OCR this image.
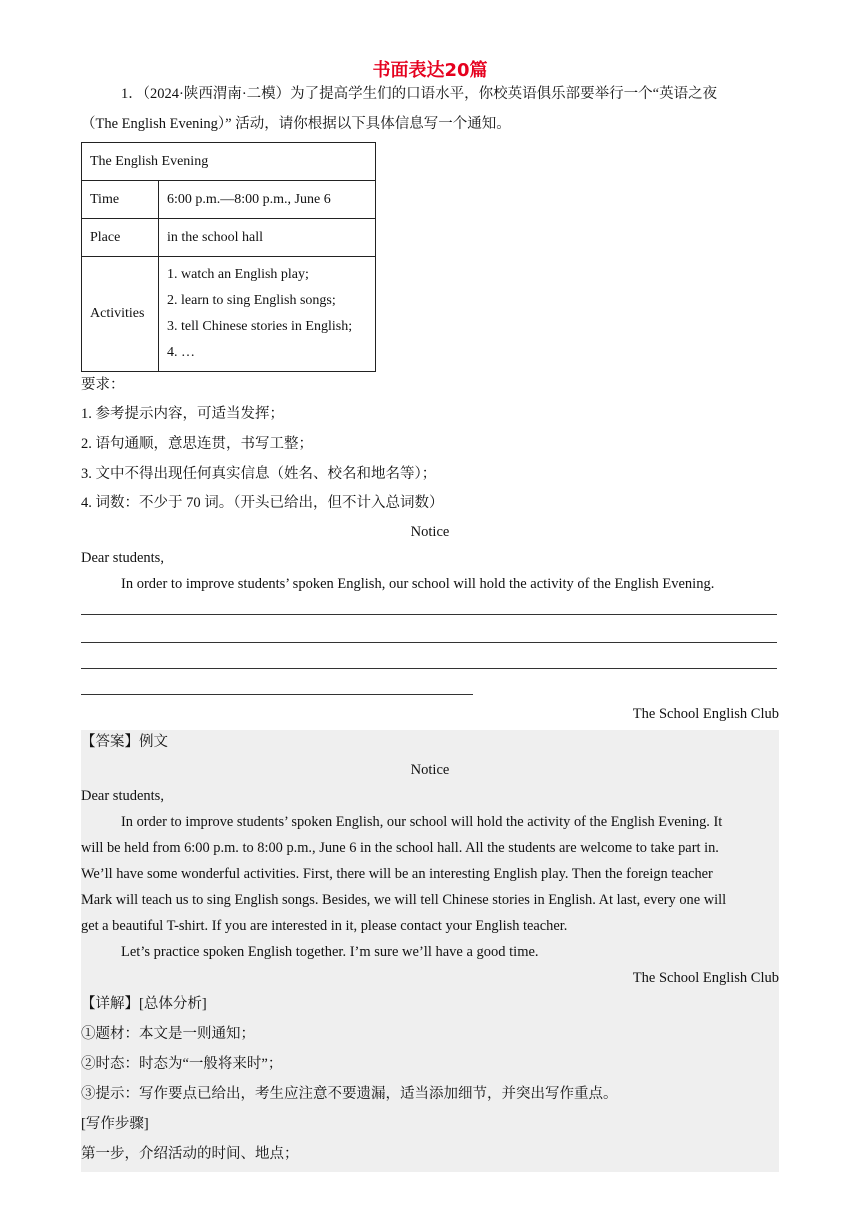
书面表达20篇
1．（2024·陕西渭南·二模）为了提高学生们的口语水平，你校英语俱乐部要举行一个“英语之夜
（The English Evening）” 活动，请你根据以下具体信息写一个通知。
The English Evening	
Time	6:00 p.m.—8:00 p.m., June 6
Place	in the school hall
Activities	1. watch an English play;
2. learn to sing English songs;
3. tell Chinese stories in English;
4. …
要求：
1. 参考提示内容，可适当发挥；
2. 语句通顺，意思连贯，书写工整；
3. 文中不得出现任何真实信息（姓名、校名和地名等）；
4. 词数：不少于 70 词。（开头已给出，但不计入总词数）
Notice
Dear students,
In order to improve students’ spoken English, our school will hold the activity of the English Evening.
The School English Club
【答案】例文
Notice
Dear students,
In order to improve students’ spoken English, our school will hold the activity of the English Evening. It
will be held from 6:00 p.m. to 8:00 p.m., June 6 in the school hall. All the students are welcome to take part in.
We’ll have some wonderful activities. First, there will be an interesting English play. Then the foreign teacher
Mark will teach us to sing English songs. Besides, we will tell Chinese stories in English. At last, every one will
get a beautiful T-shirt. If you are interested in it, please contact your English teacher.
Let’s practice spoken English together. I’m sure we’ll have a good time.
The School English Club
【详解】[总体分析]
①题材：本文是一则通知；
②时态：时态为“一般将来时”；
③提示：写作要点已给出，考生应注意不要遗漏，适当添加细节，并突出写作重点。
[写作步骤]
第一步，介绍活动的时间、地点；
